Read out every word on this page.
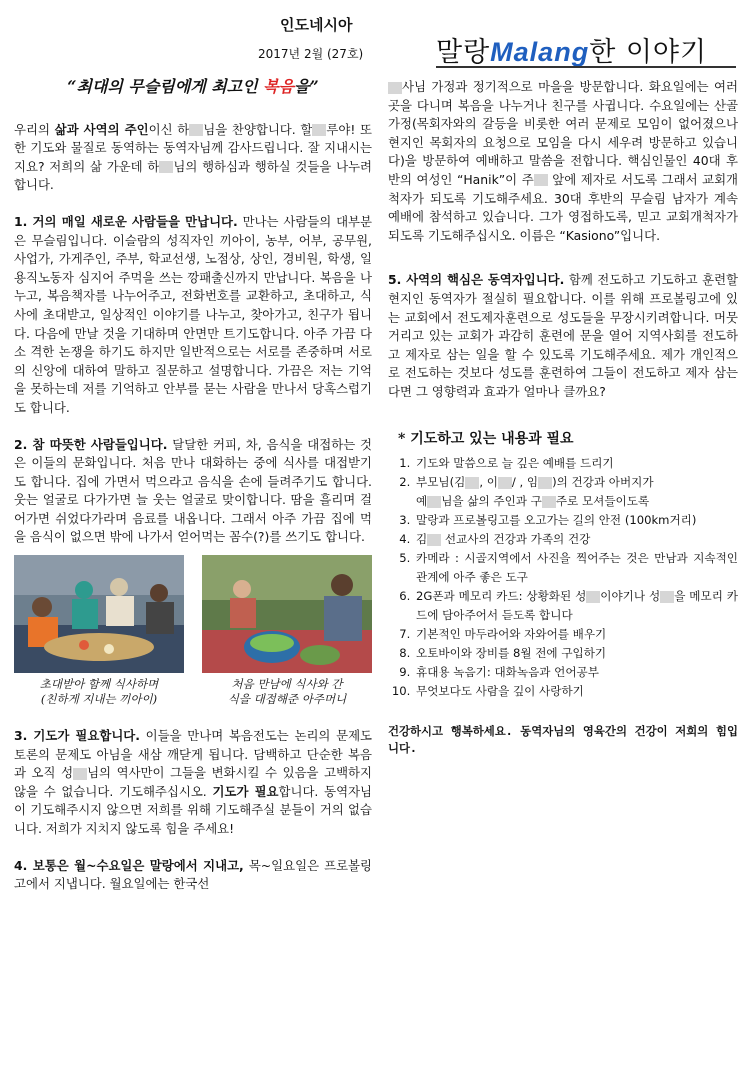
인도네시아
2017년 2월 (27호)	말랑Malang한 이야기
“최대의 무슬림에게 최고인 복음을”

우리의 삶과 사역의 주인이신 하 님을 찬양합니다. 할 루야! 또한 기도와 물질로 동역하는 동역자님께 감사드립니다. 잘 지내시는지요? 저희의 삶 가운데 하 님의 행하심과 행하실 것들을 나누려합니다.

1. 거의 매일 새로운 사람들을 만납니다. 만나는 사람들의 대부분은 무슬림입니다. 이슬람의 성직자인 끼아이, 농부, 어부, 공무원, 사업가, 가게주인, 주부, 학교선생, 노점상, 상인, 경비원, 학생, 일용직노동자 심지어 주먹을 쓰는 깡패출신까지 만납니다. 복음을 나누고, 복음책자를 나누어주고, 전화번호를 교환하고, 초대하고, 식사에 초대받고, 일상적인 이야기를 나누고, 찾아가고, 친구가 됩니다. 다음에 만날 것을 기대하며 안면만 트기도합니다. 아주 가끔 다소 격한 논쟁을 하기도 하지만 일반적으로는 서로를 존중하며 서로의 신앙에 대하여 말하고 질문하고 설명합니다. 가끔은 저는 기억을 못하는데 저를 기억하고 안부를 묻는 사람을 만나서 당혹스럽기도 합니다.

2. 참 따뜻한 사람들입니다. 달달한 커피, 차, 음식을 대접하는 것은 이들의 문화입니다. 처음 만나 대화하는 중에 식사를 대접받기도 합니다. 집에 가면서 먹으라고 음식을 손에 들려주기도 합니다. 웃는 얼굴로 다가가면 늘 웃는 얼굴로 맞이합니다. 땀을 흘리며 걸어가면 쉬었다가라며 음료를 내옵니다. 그래서 아주 가끔 집에 먹을 음식이 없으면 밖에 나가서 얻어먹는 꼼수(?)를 쓰기도 합니다.

초대받아 함께 식사하며
(친하게 지내는 끼아이)
처음 만남에 식사와 간
식을 대접해준 아주머니

3. 기도가 필요합니다. 이들을 만나며 복음전도는 논리의 문제도 토론의 문제도 아님을 새삼 깨닫게 됩니다. 담백하고 단순한 복음과 오직 성 님의 역사만이 그들을 변화시킬 수 있음을 고백하지 않을 수 없습니다. 기도해주십시오. 기도가 필요합니다. 동역자님이 기도해주시지 않으면 저희를 위해 기도해주실 분들이 거의 없습니다. 저희가 지치지 않도록 힘을 주세요!

4. 보통은 월~수요일은 말랑에서 지내고, 목~일요일은 프로볼링고에서 지냅니다. 월요일에는 한국선

사님 가정과 정기적으로 마을을 방문합니다. 화요일에는 여러 곳을 다니며 복음을 나누거나 친구를 사귑니다. 수요일에는 산골가정(목회자와의 갈등을 비롯한 여러 문제로 모임이 없어졌으나 현지인 목회자의 요청으로 모임을 다시 세우려 방문하고 있습니다)을 방문하여 예배하고 말씀을 전합니다. 핵심인물인 40대 후반의 여성인 “Hanik”이 주 앞에 제자로 서도록 그래서 교회개척자가 되도록 기도해주세요. 30대 후반의 무슬림 남자가 계속 예배에 참석하고 있습니다. 그가 영접하도록, 믿고 교회개척자가 되도록 기도해주십시오. 이름은 “Kasiono”입니다.

5. 사역의 핵심은 동역자입니다. 함께 전도하고 기도하고 훈련할 현지인 동역자가 절실히 필요합니다. 이를 위해 프로볼링고에 있는 교회에서 전도제자훈련으로 성도들을 무장시키려합니다. 머뭇거리고 있는 교회가 과감히 훈련에 문을 열어 지역사회를 전도하고 제자로 삼는 일을 할 수 있도록 기도해주세요. 제가 개인적으로 전도하는 것보다 성도를 훈련하여 그들이 전도하고 제자 삼는다면 그 영향력과 효과가 얼마나 클까요?

* 기도하고 있는 내용과 필요
1. 기도와 말씀으로 늘 깊은 예배를 드리기
2. 부모님(김 , 이 / , 임 )의 건강과 아버지가
예 님을 삶의 주인과 구 주로 모셔들이도록
3. 말랑과 프로볼링고를 오고가는 길의 안전 (100km거리)
4. 김 선교사의 건강과 가족의 건강
5. 카메라 : 시골지역에서 사진을 찍어주는 것은 만남과 지속적인 관계에 아주 좋은 도구
6. 2G폰과 메모리 카드: 상황화된 성 이야기나 성 을 메모리 카드에 담아주어서 듣도록 합니다
7. 기본적인 마두라어와 자와어를 배우기
8. 오토바이와 장비를 8월 전에 구입하기
9. 휴대용 녹음기: 대화녹음과 언어공부
10. 무엇보다도 사람을 깊이 사랑하기
건강하시고 행복하세요. 동역자님의 영육간의 건강이 저희의 힘입니다.
